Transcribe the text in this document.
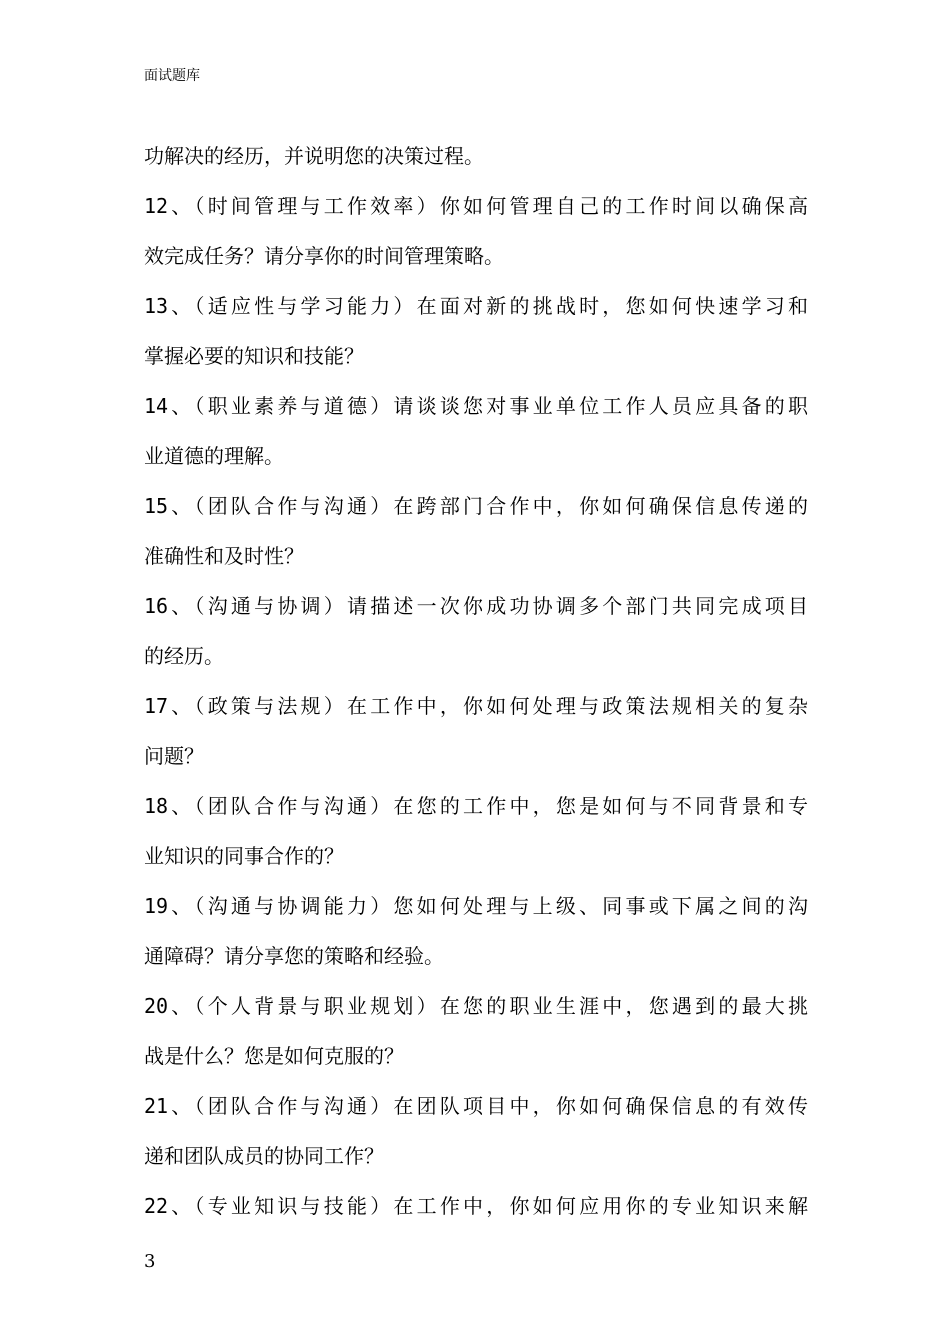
面试题库
功解决的经历，并说明您的决策过程。
12、（时间管理与工作效率）你如何管理自己的工作时间以确保高
效完成任务？请分享你的时间管理策略。
13、（适应性与学习能力）在面对新的挑战时，您如何快速学习和
掌握必要的知识和技能？
14、（职业素养与道德）请谈谈您对事业单位工作人员应具备的职
业道德的理解。
15、（团队合作与沟通）在跨部门合作中，你如何确保信息传递的
准确性和及时性？
16、（沟通与协调）请描述一次你成功协调多个部门共同完成项目
的经历。
17、（政策与法规）在工作中，你如何处理与政策法规相关的复杂
问题？
18、（团队合作与沟通）在您的工作中，您是如何与不同背景和专
业知识的同事合作的？
19、（沟通与协调能力）您如何处理与上级、同事或下属之间的沟
通障碍？请分享您的策略和经验。
20、（个人背景与职业规划）在您的职业生涯中，您遇到的最大挑
战是什么？您是如何克服的？
21、（团队合作与沟通）在团队项目中，你如何确保信息的有效传
递和团队成员的协同工作？
22、（专业知识与技能）在工作中，你如何应用你的专业知识来解
3
